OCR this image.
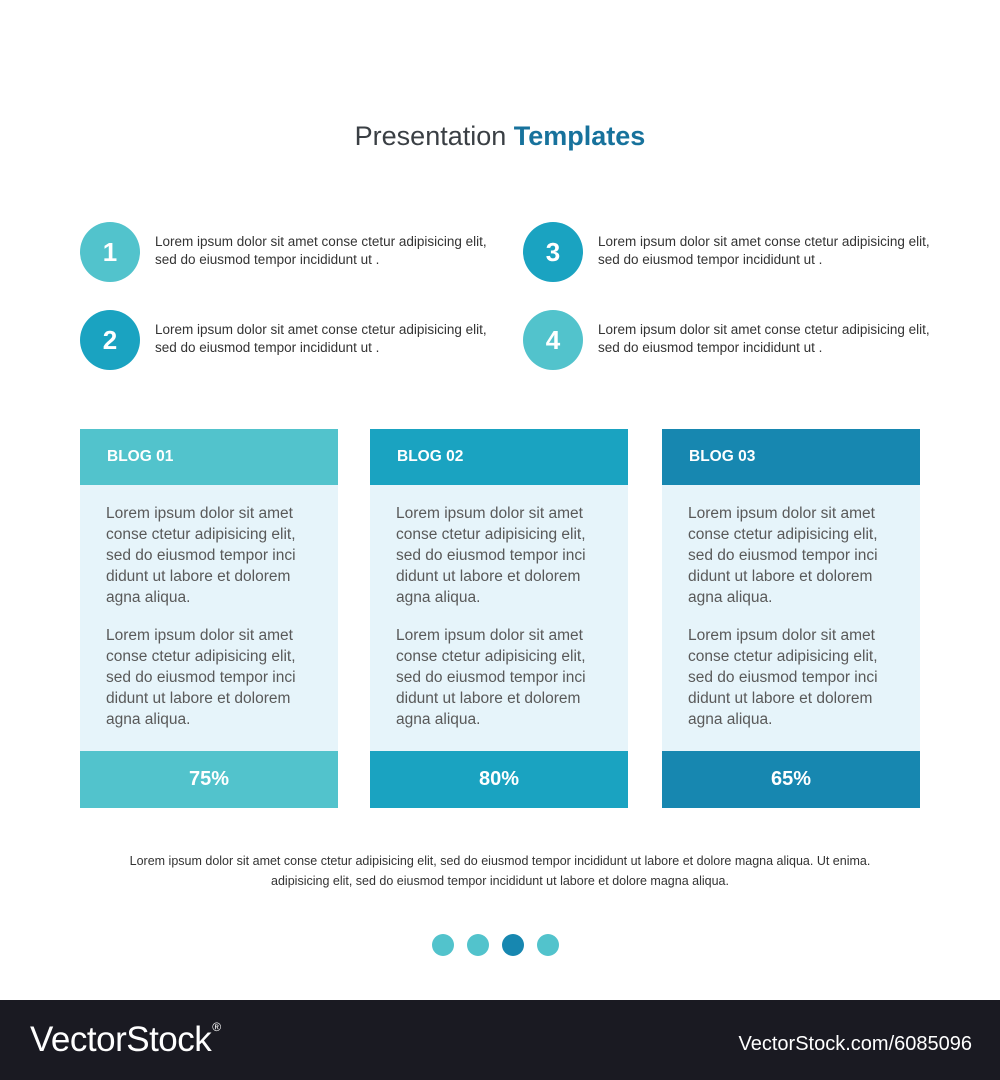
Presentation Templates
1	Lorem ipsum dolor sit amet conse ctetur adipisicing elit, sed do eiusmod tempor incididunt ut .
2	Lorem ipsum dolor sit amet conse ctetur adipisicing elit, sed do eiusmod tempor incididunt ut .
3	Lorem ipsum dolor sit amet conse ctetur adipisicing elit, sed do eiusmod tempor incididunt ut .
4	Lorem ipsum dolor sit amet conse ctetur adipisicing elit, sed do eiusmod tempor incididunt ut .
BLOG 01

Lorem ipsum dolor sit amet conse ctetur adipisicing elit, sed do eiusmod tempor inci didunt ut labore et dolorem agna aliqua.

Lorem ipsum dolor sit amet conse ctetur adipisicing elit, sed do eiusmod tempor inci didunt ut labore et dolorem agna aliqua.

75%
BLOG 02

Lorem ipsum dolor sit amet conse ctetur adipisicing elit, sed do eiusmod tempor inci didunt ut labore et dolorem agna aliqua.

Lorem ipsum dolor sit amet conse ctetur adipisicing elit, sed do eiusmod tempor inci didunt ut labore et dolorem agna aliqua.

80%
BLOG 03

Lorem ipsum dolor sit amet conse ctetur adipisicing elit, sed do eiusmod tempor inci didunt ut labore et dolorem agna aliqua.

Lorem ipsum dolor sit amet conse ctetur adipisicing elit, sed do eiusmod tempor inci didunt ut labore et dolorem agna aliqua.

65%
Lorem ipsum dolor sit amet conse ctetur adipisicing elit, sed do eiusmod tempor incididunt ut labore et dolore magna aliqua. Ut enima.
adipisicing elit, sed do eiusmod tempor incididunt ut labore et dolore magna aliqua.
VectorStock®
VectorStock.com/6085096
